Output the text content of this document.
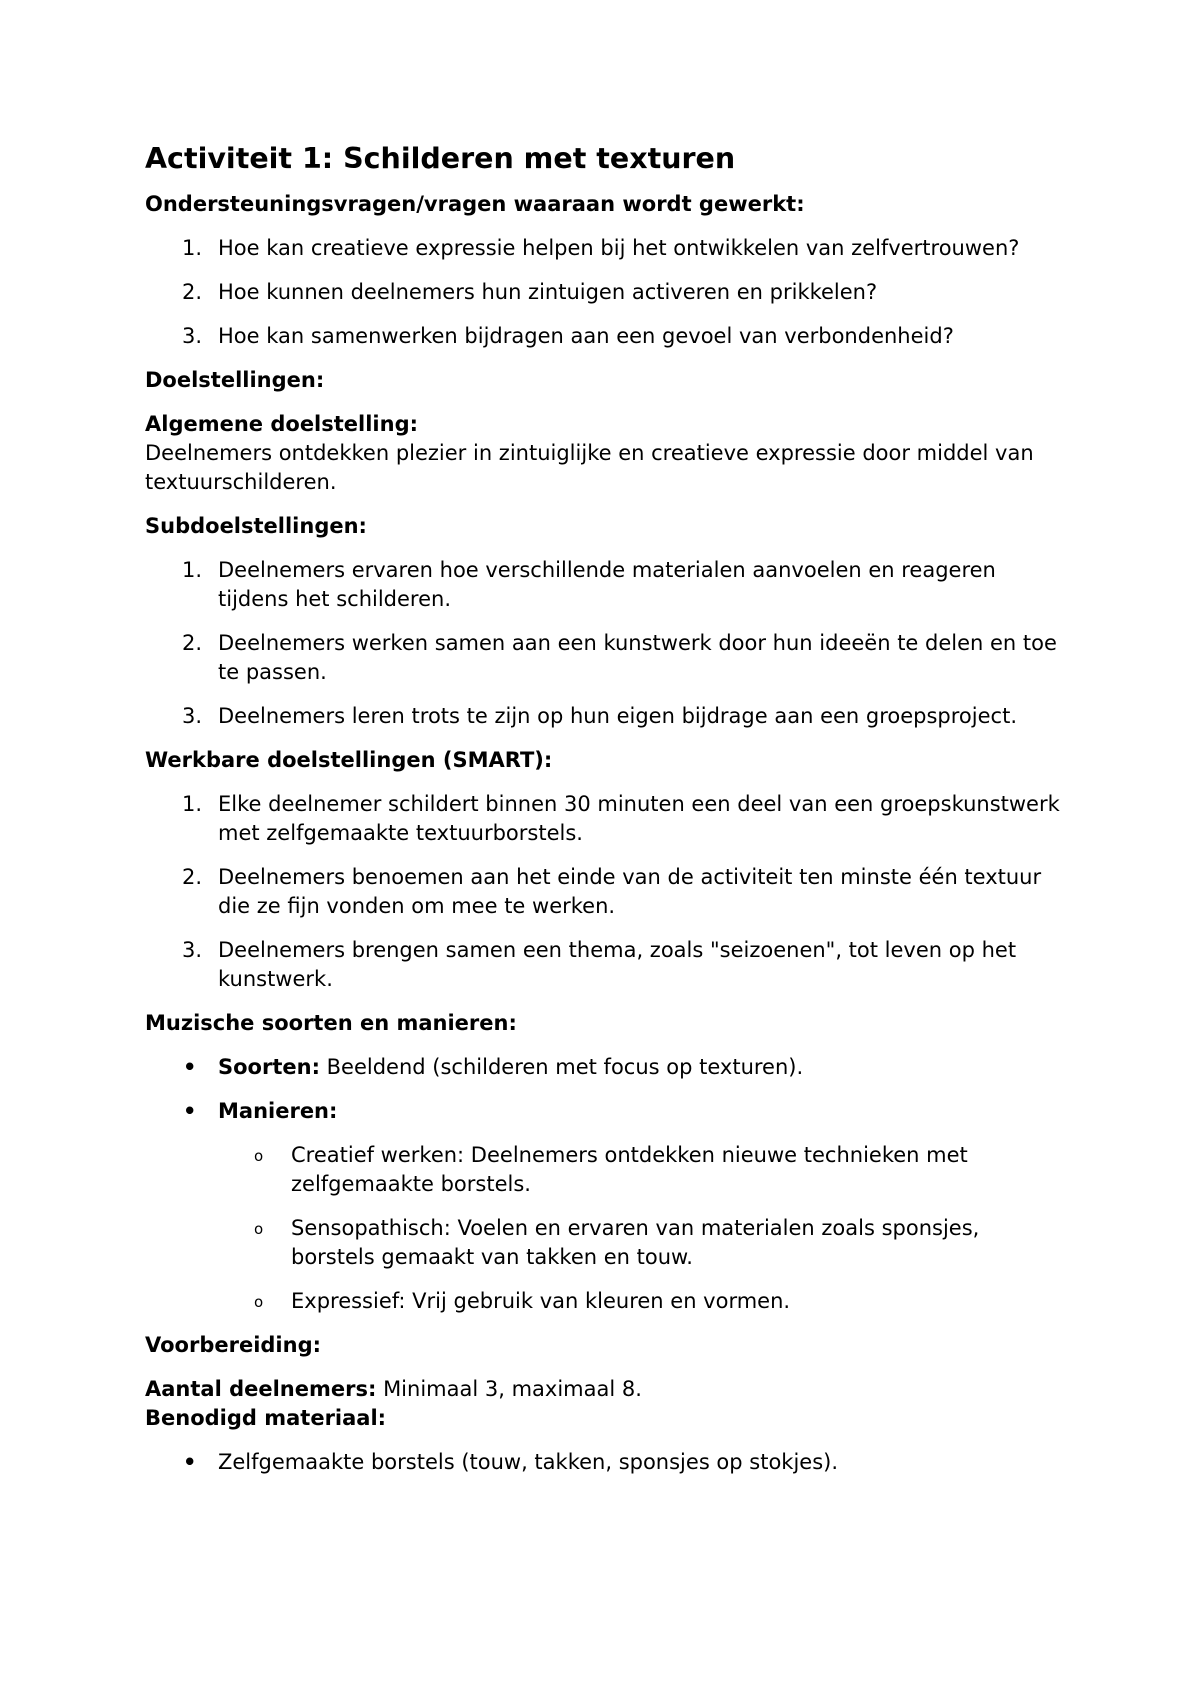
Activiteit 1: Schilderen met texturen

Ondersteuningsvragen/vragen waaraan wordt gewerkt:

1. Hoe kan creatieve expressie helpen bij het ontwikkelen van zelfvertrouwen?
2. Hoe kunnen deelnemers hun zintuigen activeren en prikkelen?
3. Hoe kan samenwerken bijdragen aan een gevoel van verbondenheid?

Doelstellingen:

Algemene doelstelling:

Deelnemers ontdekken plezier in zintuiglijke en creatieve expressie door middel van textuurschilderen.

Subdoelstellingen:

1. Deelnemers ervaren hoe verschillende materialen aanvoelen en reageren tijdens het schilderen.
2. Deelnemers werken samen aan een kunstwerk door hun ideeën te delen en toe te passen.
3. Deelnemers leren trots te zijn op hun eigen bijdrage aan een groepsproject.

Werkbare doelstellingen (SMART):

1. Elke deelnemer schildert binnen 30 minuten een deel van een groepskunstwerk met zelfgemaakte textuurborstels.
2. Deelnemers benoemen aan het einde van de activiteit ten minste één textuur die ze fijn vonden om mee te werken.
3. Deelnemers brengen samen een thema, zoals "seizoenen", tot leven op het kunstwerk.

Muzische soorten en manieren:

• Soorten: Beeldend (schilderen met focus op texturen).
• Manieren:
o Creatief werken: Deelnemers ontdekken nieuwe technieken met zelfgemaakte borstels.
o Sensopathisch: Voelen en ervaren van materialen zoals sponsjes, borstels gemaakt van takken en touw.
o Expressief: Vrij gebruik van kleuren en vormen.

Voorbereiding:

Aantal deelnemers: Minimaal 3, maximaal 8.

Benodigd materiaal:

• Zelfgemaakte borstels (touw, takken, sponsjes op stokjes).
